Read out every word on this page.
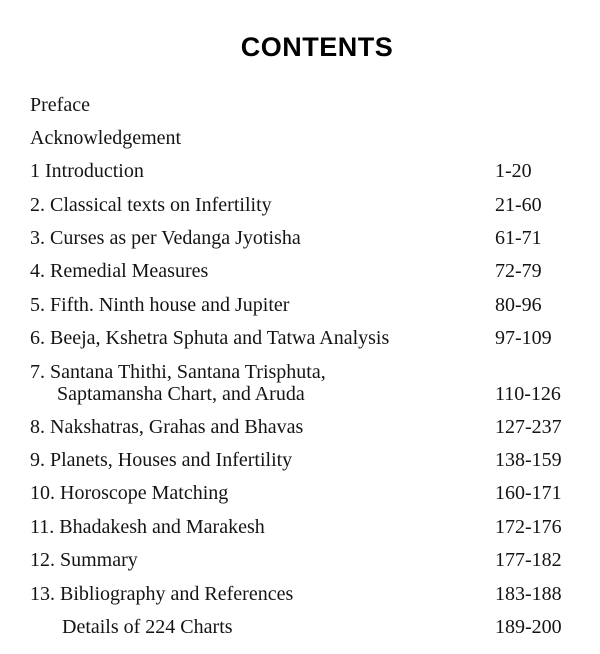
CONTENTS
Preface
Acknowledgement
1 Introduction	1-20
2. Classical texts on Infertility	21-60
3. Curses as per Vedanga Jyotisha	61-71
4. Remedial Measures	72-79
5. Fifth. Ninth house and Jupiter	80-96
6. Beeja, Kshetra Sphuta and Tatwa Analysis	97-109
7. Santana Thithi, Santana Trisphuta,
Saptamansha Chart, and Aruda	110-126
8. Nakshatras, Grahas and Bhavas	127-237
9. Planets, Houses and Infertility	138-159
10. Horoscope Matching	160-171
11. Bhadakesh and Marakesh	172-176
12. Summary	177-182
13. Bibliography and References	183-188
Details of 224 Charts	189-200
